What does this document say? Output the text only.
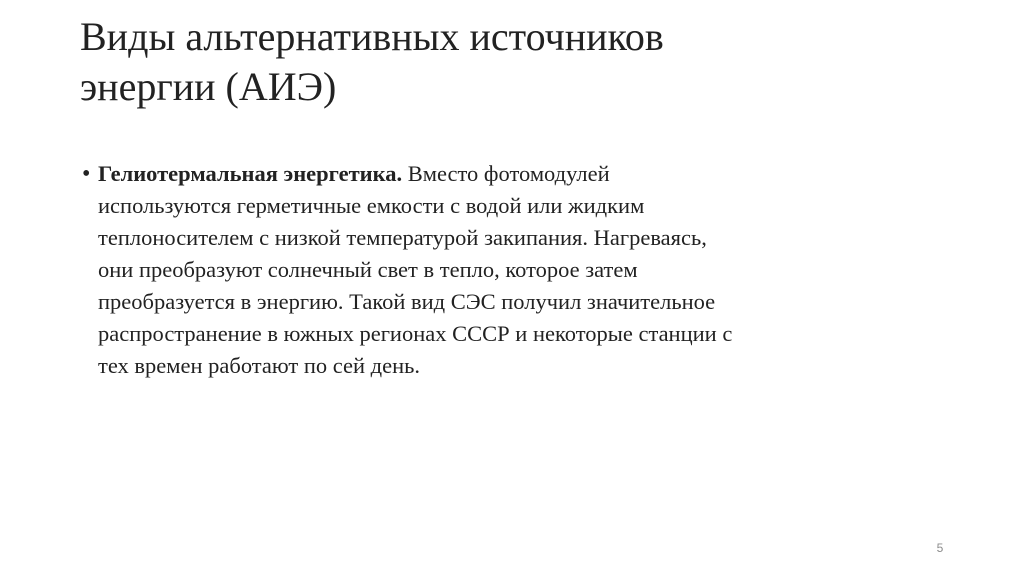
Виды альтернативных источников
энергии (АИЭ)
• Гелиотермальная энергетика. Вместо фотомодулей
используются герметичные емкости с водой или жидким
теплоносителем с низкой температурой закипания. Нагреваясь,
они преобразуют солнечный свет в тепло, которое затем
преобразуется в энергию. Такой вид СЭС получил значительное
распространение в южных регионах СССР и некоторые станции с
тех времен работают по сей день.
5
